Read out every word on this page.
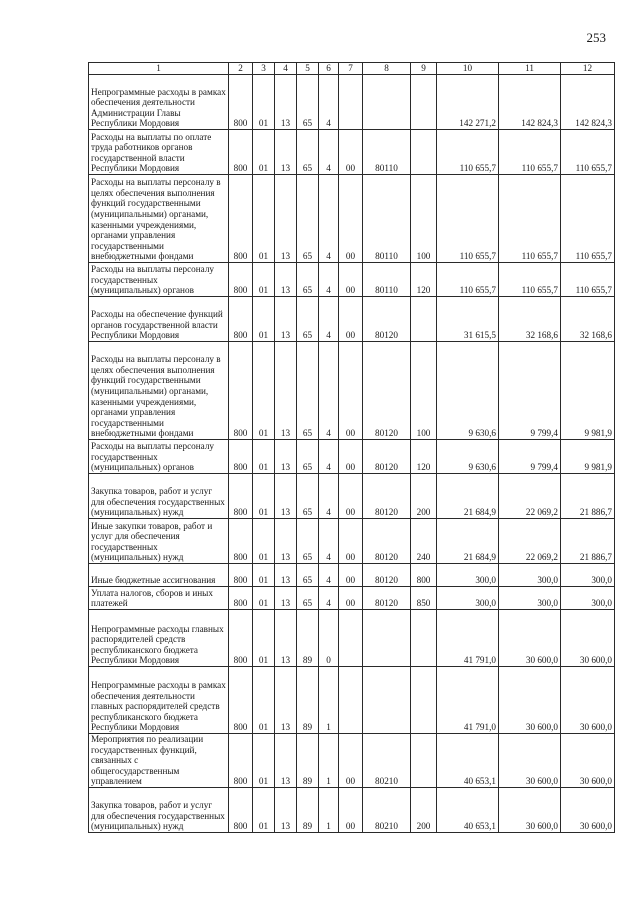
253
1	2	3	4	5	6	7	8	9	10	11	12
Непрограммные расходы в рамках обеспечения деятельности Администрации Главы Республики Мордовия	800	01	13	65	4				142 271,2	142 824,3	142 824,3
Расходы на выплаты по оплате труда работников органов государственной власти Республики Мордовия	800	01	13	65	4	00	80110		110 655,7	110 655,7	110 655,7
Расходы на выплаты персоналу в целях обеспечения выполнения функций государственными (муниципальными) органами, казенными учреждениями, органами управления государственными внебюджетными фондами	800	01	13	65	4	00	80110	100	110 655,7	110 655,7	110 655,7
Расходы на выплаты персоналу государственных (муниципальных) органов	800	01	13	65	4	00	80110	120	110 655,7	110 655,7	110 655,7
Расходы на обеспечение функций органов государственной власти Республики Мордовия	800	01	13	65	4	00	80120		31 615,5	32 168,6	32 168,6
Расходы на выплаты персоналу в целях обеспечения выполнения функций государственными (муниципальными) органами, казенными учреждениями, органами управления государственными внебюджетными фондами	800	01	13	65	4	00	80120	100	9 630,6	9 799,4	9 981,9
Расходы на выплаты персоналу государственных (муниципальных) органов	800	01	13	65	4	00	80120	120	9 630,6	9 799,4	9 981,9
Закупка товаров, работ и услуг для обеспечения государственных (муниципальных) нужд	800	01	13	65	4	00	80120	200	21 684,9	22 069,2	21 886,7
Иные закупки товаров, работ и услуг для обеспечения государственных (муниципальных) нужд	800	01	13	65	4	00	80120	240	21 684,9	22 069,2	21 886,7
Иные бюджетные ассигнования	800	01	13	65	4	00	80120	800	300,0	300,0	300,0
Уплата налогов, сборов и иных платежей	800	01	13	65	4	00	80120	850	300,0	300,0	300,0
Непрограммные расходы главных распорядителей средств республиканского бюджета Республики Мордовия	800	01	13	89	0				41 791,0	30 600,0	30 600,0
Непрограммные расходы в рамках обеспечения деятельности главных распорядителей средств республиканского бюджета Республики Мордовия	800	01	13	89	1				41 791,0	30 600,0	30 600,0
Мероприятия по реализации государственных функций, связанных с общегосударственным управлением	800	01	13	89	1	00	80210		40 653,1	30 600,0	30 600,0
Закупка товаров, работ и услуг для обеспечения государственных (муниципальных) нужд	800	01	13	89	1	00	80210	200	40 653,1	30 600,0	30 600,0
